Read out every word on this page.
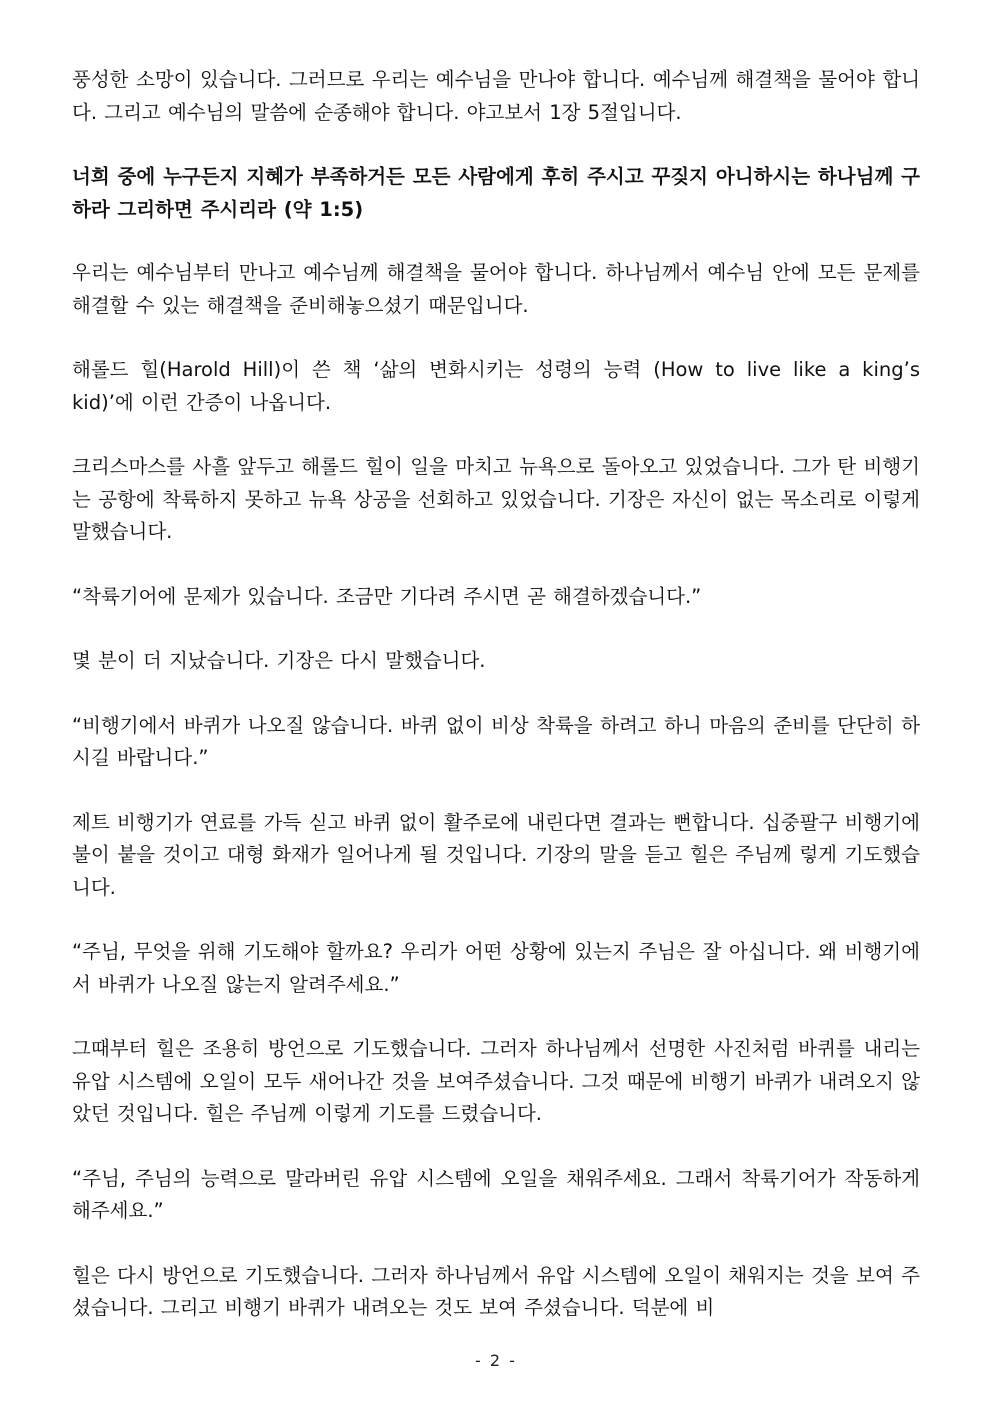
풍성한 소망이 있습니다. 그러므로 우리는 예수님을 만나야 합니다. 예수님께 해결책을 물어야 합니다. 그리고 예수님의 말씀에 순종해야 합니다. 야고보서 1장 5절입니다.

너희 중에 누구든지 지혜가 부족하거든 모든 사람에게 후히 주시고 꾸짖지 아니하시는 하나님께 구하라 그리하면 주시리라 (약 1:5)

우리는 예수님부터 만나고 예수님께 해결책을 물어야 합니다. 하나님께서 예수님 안에 모든 문제를 해결할 수 있는 해결책을 준비해놓으셨기 때문입니다.

해롤드 힐(Harold Hill)이 쓴 책 ‘삶의 변화시키는 성령의 능력 (How to live like a king’s kid)’에 이런 간증이 나옵니다.

크리스마스를 사흘 앞두고 해롤드 힐이 일을 마치고 뉴욕으로 돌아오고 있었습니다. 그가 탄 비행기는 공항에 착륙하지 못하고 뉴욕 상공을 선회하고 있었습니다. 기장은 자신이 없는 목소리로 이렇게 말했습니다.

“착륙기어에 문제가 있습니다. 조금만 기다려 주시면 곧 해결하겠습니다.”

몇 분이 더 지났습니다. 기장은 다시 말했습니다.

“비행기에서 바퀴가 나오질 않습니다. 바퀴 없이 비상 착륙을 하려고 하니 마음의 준비를 단단히 하시길 바랍니다.”

제트 비행기가 연료를 가득 싣고 바퀴 없이 활주로에 내린다면 결과는 뻔합니다. 십중팔구 비행기에 불이 붙을 것이고 대형 화재가 일어나게 될 것입니다. 기장의 말을 듣고 힐은 주님께 렇게 기도했습니다.

“주님, 무엇을 위해 기도해야 할까요? 우리가 어떤 상황에 있는지 주님은 잘 아십니다. 왜 비행기에서 바퀴가 나오질 않는지 알려주세요.”

그때부터 힐은 조용히 방언으로 기도했습니다. 그러자 하나님께서 선명한 사진처럼 바퀴를 내리는 유압 시스템에 오일이 모두 새어나간 것을 보여주셨습니다. 그것 때문에 비행기 바퀴가 내려오지 않았던 것입니다. 힐은 주님께 이렇게 기도를 드렸습니다.

“주님, 주님의 능력으로 말라버린 유압 시스템에 오일을 채워주세요. 그래서 착륙기어가 작동하게 해주세요.”

힐은 다시 방언으로 기도했습니다. 그러자 하나님께서 유압 시스템에 오일이 채워지는 것을 보여 주셨습니다. 그리고 비행기 바퀴가 내려오는 것도 보여 주셨습니다. 덕분에 비

- 2 -
